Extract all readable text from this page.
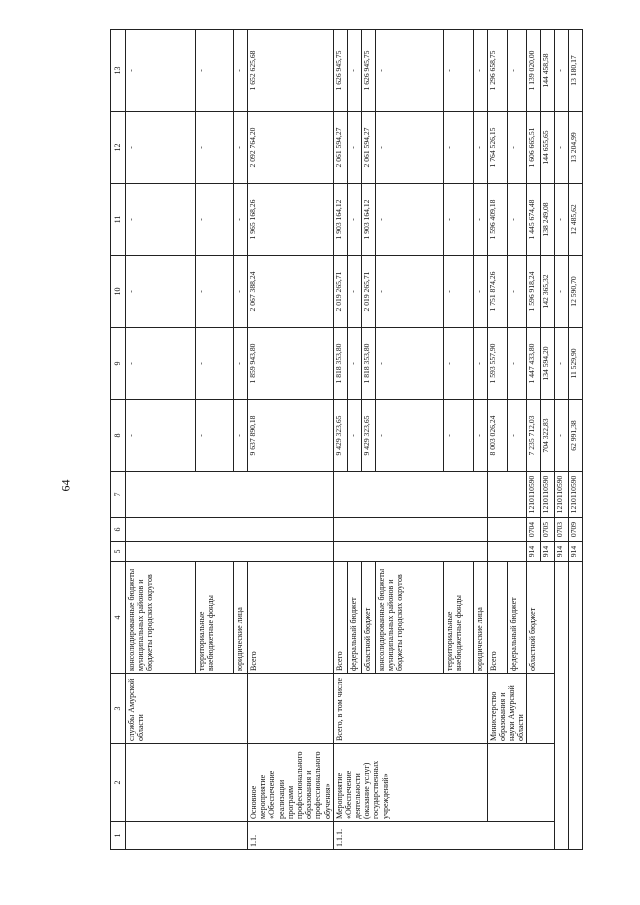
64
1	2	3	4	5	6	7	8	9	10	11	12	13
		службы Амурской области	консолидированные бюджеты муниципальных районов и бюджеты городских округов				-	-	-	-	-	-
			территориальные внебюджетные фонды				-	-	-	-	-	-
			юридические лица				-	-	-	-	-	-
1.1.	Основное мероприятие «Обеспечение реализации программ профессионального образования и профессионального обучения»		Всего				9 637 890,18	1 859 943,80	2 067 388,24	1 965 168,26	2 092 764,20	1 652 625,68
1.1.1.	Мероприятие «Обеспечение деятельности (оказание услуг) государственных учреждений»	Всего, в том числе	Всего				9 429 323,65	1 818 353,80	2 019 265,71	1 903 164,12	2 061 594,27	1 626 945,75
			федеральный бюджет				-	-	-	-	-	-
			областной бюджет				9 429 323,65	1 818 353,80	2 019 265,71	1 903 164,12	2 061 594,27	1 626 945,75
			консолидированные бюджеты муниципальных районов и бюджеты городских округов				-	-	-	-	-	-
			территориальные внебюджетные фонды				-	-	-	-	-	-
			юридические лица				-	-	-	-	-	-
		Министерство образования и науки Амурской области	Всего				8 003 026,24	1 593 557,90	1 751 874,26	1 596 409,18	1 764 526,15	1 296 658,75
			федеральный бюджет				-	-	-	-	-	-
			областной бюджет	914	0704	1210110590	7 235 712,03	1 447 433,80	1 596 918,24	1 445 674,48	1 606 665,51	1 139 020,00
				914	0705	1210110590	704 322,83	134 594,20	142 365,32	138 249,08	144 655,65	144 458,58
				914	0703	1210110590	-	-	-	-	-	-
				914	0709	1210110590	62 991,38	11 529,90	12 590,70	12 485,62	13 204,99	13 180,17
